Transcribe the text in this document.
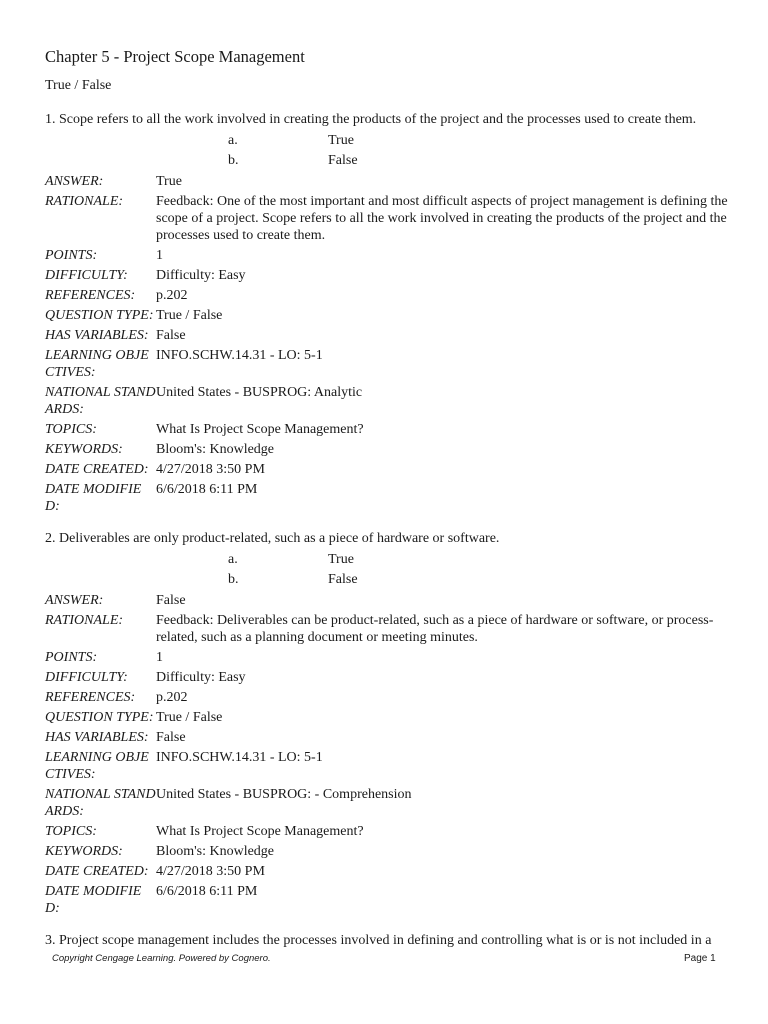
Chapter 5 - Project Scope Management
True / False
1. Scope refers to all the work involved in creating the products of the project and the processes used to create them.
a.	True
b.	False
ANSWER:	True
RATIONALE:	Feedback: One of the most important and most difficult aspects of project management is defining the scope of a project. Scope refers to all the work involved in creating the products of the project and the processes used to create them.
POINTS:	1
DIFFICULTY:	Difficulty: Easy
REFERENCES:	p.202
QUESTION TYPE: True / False
HAS VARIABLES: False
LEARNING OBJECTIVES:
INFO.SCHW.14.31 - LO: 5-1
NATIONAL STANDARDS:
United States - BUSPROG: Analytic
TOPICS:	What Is Project Scope Management?
KEYWORDS:	Bloom's: Knowledge
DATE CREATED: 4/27/2018 3:50 PM
DATE MODIFIED:
6/6/2018 6:11 PM
2. Deliverables are only product-related, such as a piece of hardware or software.
a.	True
b.	False
ANSWER:	False
RATIONALE:	Feedback: Deliverables can be product-related, such as a piece of hardware or software, or process-related, such as a planning document or meeting minutes.
POINTS:	1
DIFFICULTY:	Difficulty: Easy
REFERENCES:	p.202
QUESTION TYPE: True / False
HAS VARIABLES: False
LEARNING OBJECTIVES:
INFO.SCHW.14.31 - LO: 5-1
NATIONAL STANDARDS:
United States - BUSPROG: - Comprehension
TOPICS:	What Is Project Scope Management?
KEYWORDS:	Bloom's: Knowledge
DATE CREATED: 4/27/2018 3:50 PM
DATE MODIFIED:
6/6/2018 6:11 PM
3. Project scope management includes the processes involved in defining and controlling what is or is not included in a
Copyright Cengage Learning. Powered by Cognero.	Page 1
